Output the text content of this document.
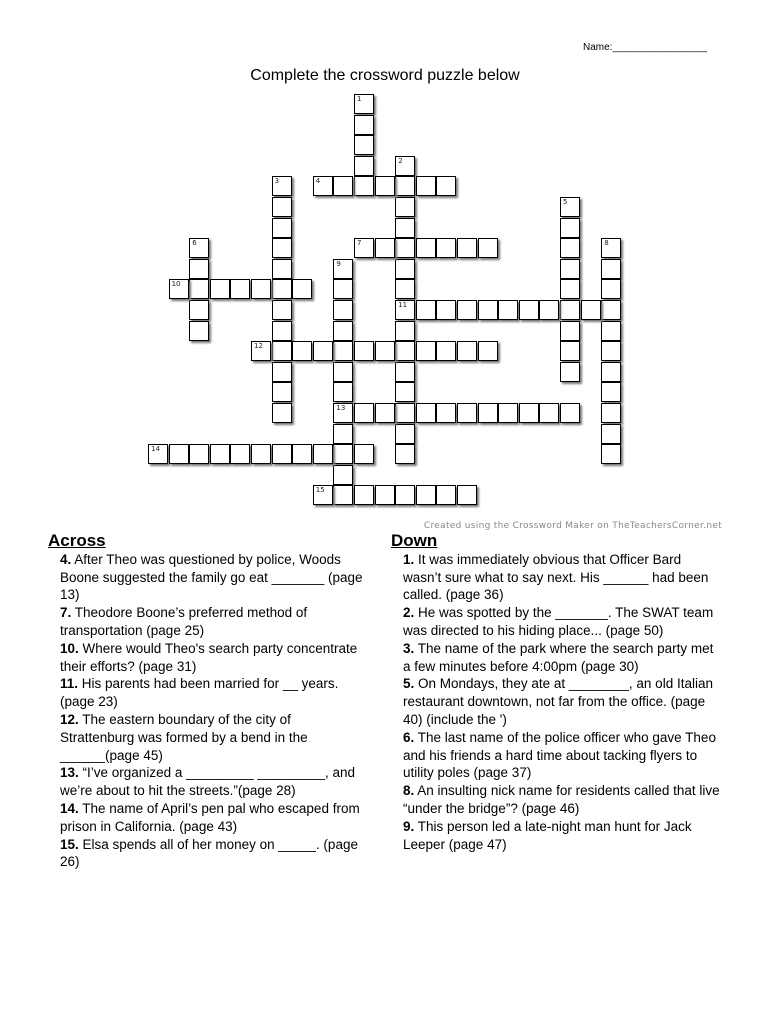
Name:_________________
Complete the crossword puzzle below
1
2
11
3	4
5
6	7	8
9
13
10
12
14
15
Created using the Crossword Maker on TheTeachersCorner.net
Across
4. After Theo was questioned by police, Woods Boone suggested the family go eat _______ (page 13)
7. Theodore Boone’s preferred method of transportation (page 25)
10. Where would Theo's search party concentrate their efforts? (page 31)
11. His parents had been married for __ years. (page 23)
12. The eastern boundary of the city of Strattenburg was formed by a bend in the ______(page 45)
13. “I’ve organized a _________ _________, and we’re about to hit the streets.”(page 28)
14. The name of April’s pen pal who escaped from prison in California. (page 43)
15. Elsa spends all of her money on _____. (page 26)
Down
1. It was immediately obvious that Officer Bard wasn’t sure what to say next. His ______ had been called. (page 36)
2. He was spotted by the _______. The SWAT team was directed to his hiding place... (page 50)
3. The name of the park where the search party met a few minutes before 4:00pm (page 30)
5. On Mondays, they ate at ________, an old Italian restaurant downtown, not far from the office. (page 40) (include the ')
6. The last name of the police officer who gave Theo and his friends a hard time about tacking flyers to utility poles (page 37)
8. An insulting nick name for residents called that live “under the bridge”? (page 46)
9. This person led a late-night man hunt for Jack Leeper (page 47)
